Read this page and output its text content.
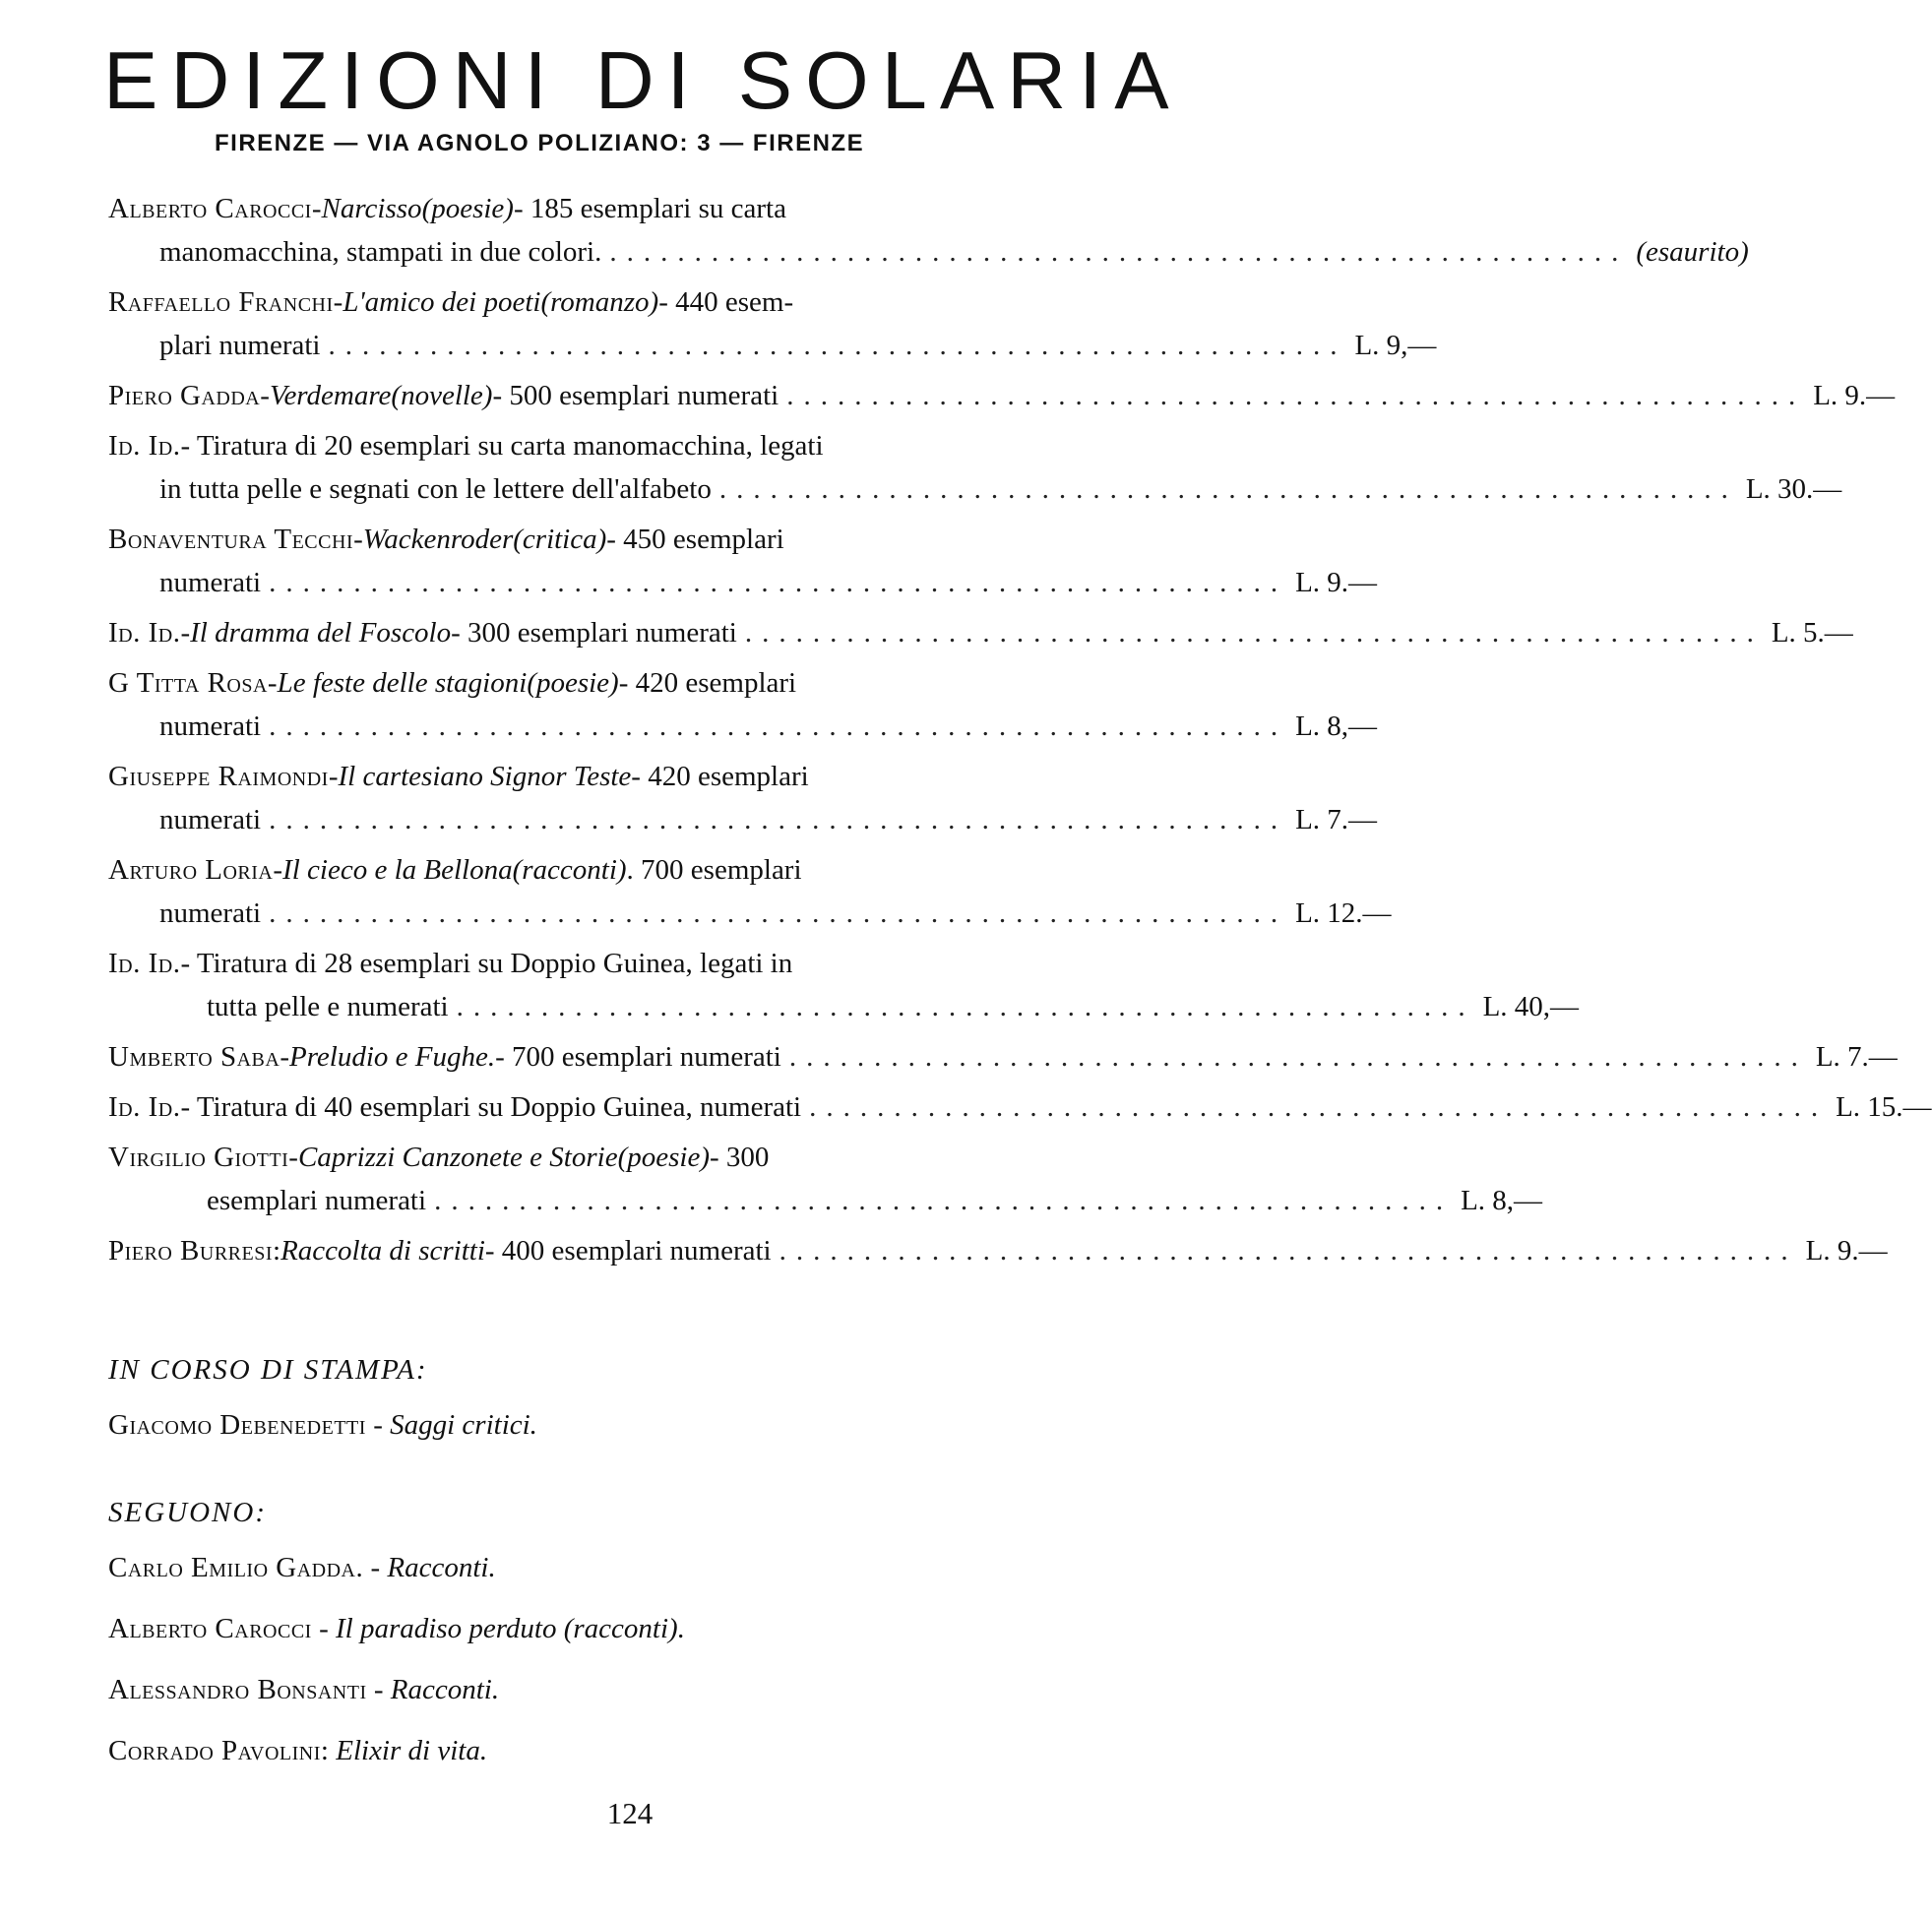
EDIZIONI DI SOLARIA
FIRENZE — VIA AGNOLO POLIZIANO: 3 — FIRENZE
Alberto Carocci - Narcisso (poesie) - 185 esemplari su carta
manomacchina, stampati in due colori. ............................................................ (esaurito)
Raffaello Franchi - L'amico dei poeti (romanzo) - 440 esem-
plari numerati ............................................................ L. 9,—
Piero Gadda - Verdemare (novelle) - 500 esemplari numerati ............................................................ L. 9.—
Id. Id. - Tiratura di 20 esemplari su carta manomacchina, legati
in tutta pelle e segnati con le lettere dell'alfabeto ............................................................ L. 30.—
Bonaventura Tecchi - Wackenroder (critica) - 450 esemplari
numerati ............................................................ L. 9.—
Id. Id. - Il dramma del Foscolo - 300 esemplari numerati ............................................................ L. 5.—
G Titta Rosa - Le feste delle stagioni (poesie) - 420 esemplari
numerati ............................................................ L. 8,—
Giuseppe Raimondi - Il cartesiano Signor Teste - 420 esemplari
numerati ............................................................ L. 7.—
Arturo Loria - Il cieco e la Bellona (racconti) . 700 esemplari
numerati ............................................................ L. 12.—
Id. Id. - Tiratura di 28 esemplari su Doppio Guinea, legati in
tutta pelle e numerati ............................................................ L. 40,—
Umberto Saba - Preludio e Fughe. - 700 esemplari numerati ............................................................ L. 7.—
Id. Id. - Tiratura di 40 esemplari su Doppio Guinea, numerati ............................................................ L. 15.—
Virgilio Giotti - Caprizzi Canzonete e Storie (poesie) - 300
esemplari numerati ............................................................ L. 8,—
Piero Burresi : Raccolta di scritti - 400 esemplari numerati ............................................................ L. 9.—
IN CORSO DI STAMPA:
Giacomo Debenedetti - Saggi critici.
SEGUONO:
Carlo Emilio Gadda. - Racconti.
Alberto Carocci - Il paradiso perduto (racconti).
Alessandro Bonsanti - Racconti.
Corrado Pavolini: Elixir di vita.
124
